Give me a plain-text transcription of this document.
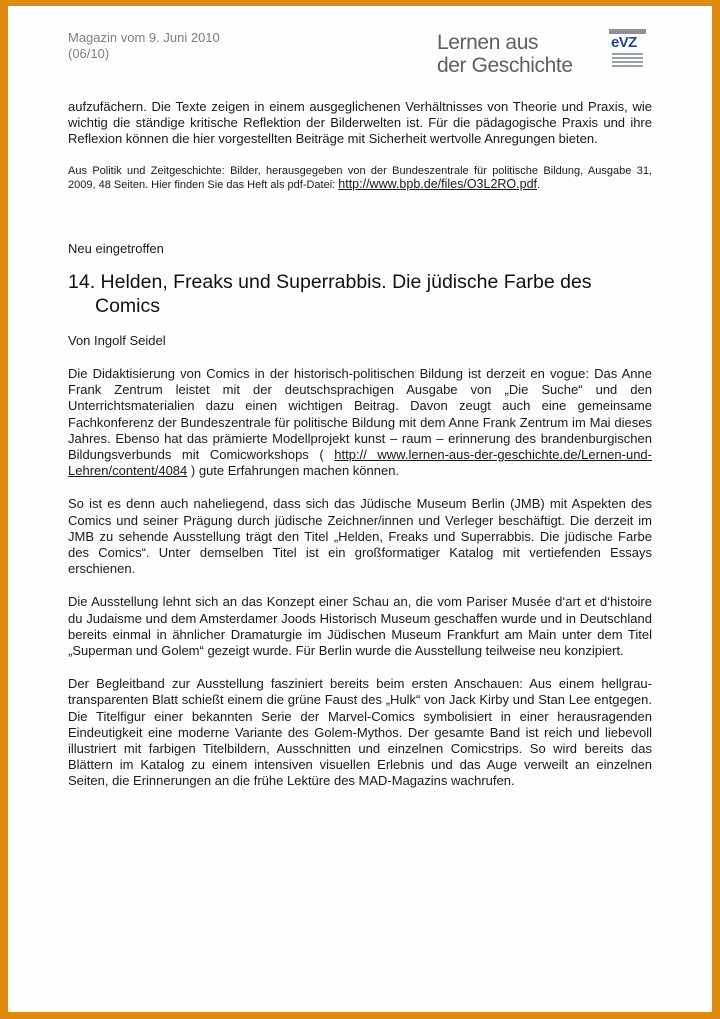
Magazin vom 9. Juni 2010
(06/10)	Lernen aus
der Geschichte
eVZ

aufzufächern. Die Texte zeigen in einem ausgeglichenen Verhältnisses von Theorie und Praxis, wie wichtig die ständige kritische Reflektion der Bilderwelten ist. Für die pädagogische Praxis und ihre Reflexion können die hier vorgestellten Beiträge mit Sicherheit wertvolle Anregungen bieten.

Aus Politik und Zeitgeschichte: Bilder, herausgegeben von der Bundeszentrale für politische Bildung, Ausgabe 31, 2009, 48 Seiten. Hier finden Sie das Heft als pdf-Datei: http://www.bpb.de/files/O3L2RO.pdf.

Neu eingetroffen
14. Helden, Freaks und Superrabbis. Die jüdische Farbe des Comics
Von Ingolf Seidel

Die Didaktisierung von Comics in der historisch-politischen Bildung ist derzeit en vogue: Das Anne Frank Zentrum leistet mit der deutschsprachigen Ausgabe von „Die Suche“ und den Unterrichtsmaterialien dazu einen wichtigen Beitrag. Davon zeugt auch eine gemeinsame Fachkonferenz der Bundeszentrale für politische Bildung mit dem Anne Frank Zentrum im Mai dieses Jahres. Ebenso hat das prämierte Modellprojekt kunst – raum – erinnerung des brandenburgischen Bildungsverbunds mit Comicworkshops ( http:// www.lernen-aus-der-geschichte.de/Lernen-und-Lehren/content/4084 ) gute Erfahrungen machen können.

So ist es denn auch naheliegend, dass sich das Jüdische Museum Berlin (JMB) mit Aspekten des Comics und seiner Prägung durch jüdische Zeichner/innen und Verleger beschäftigt. Die derzeit im JMB zu sehende Ausstellung trägt den Titel „Helden, Freaks und Superrabbis. Die jüdische Farbe des Comics“. Unter demselben Titel ist ein großformatiger Katalog mit vertiefenden Essays erschienen.

Die Ausstellung lehnt sich an das Konzept einer Schau an, die vom Pariser Musée d‘art et d‘histoire du Judaisme und dem Amsterdamer Joods Historisch Museum geschaffen wurde und in Deutschland bereits einmal in ähnlicher Dramaturgie im Jüdischen Museum Frankfurt am Main unter dem Titel „Superman und Golem“ gezeigt wurde. Für Berlin wurde die Ausstellung teilweise neu konzipiert.

Der Begleitband zur Ausstellung fasziniert bereits beim ersten Anschauen: Aus einem hellgrau-transparenten Blatt schießt einem die grüne Faust des „Hulk“ von Jack Kirby und Stan Lee entgegen. Die Titelfigur einer bekannten Serie der Marvel-Comics symbolisiert in einer herausragenden Eindeutigkeit eine moderne Variante des Golem-Mythos. Der gesamte Band ist reich und liebevoll illustriert mit farbigen Titelbildern, Ausschnitten und einzelnen Comicstrips. So wird bereits das Blättern im Katalog zu einem intensiven visuellen Erlebnis und das Auge verweilt an einzelnen Seiten, die Erinnerungen an die frühe Lektüre des MAD-Magazins wachrufen.
